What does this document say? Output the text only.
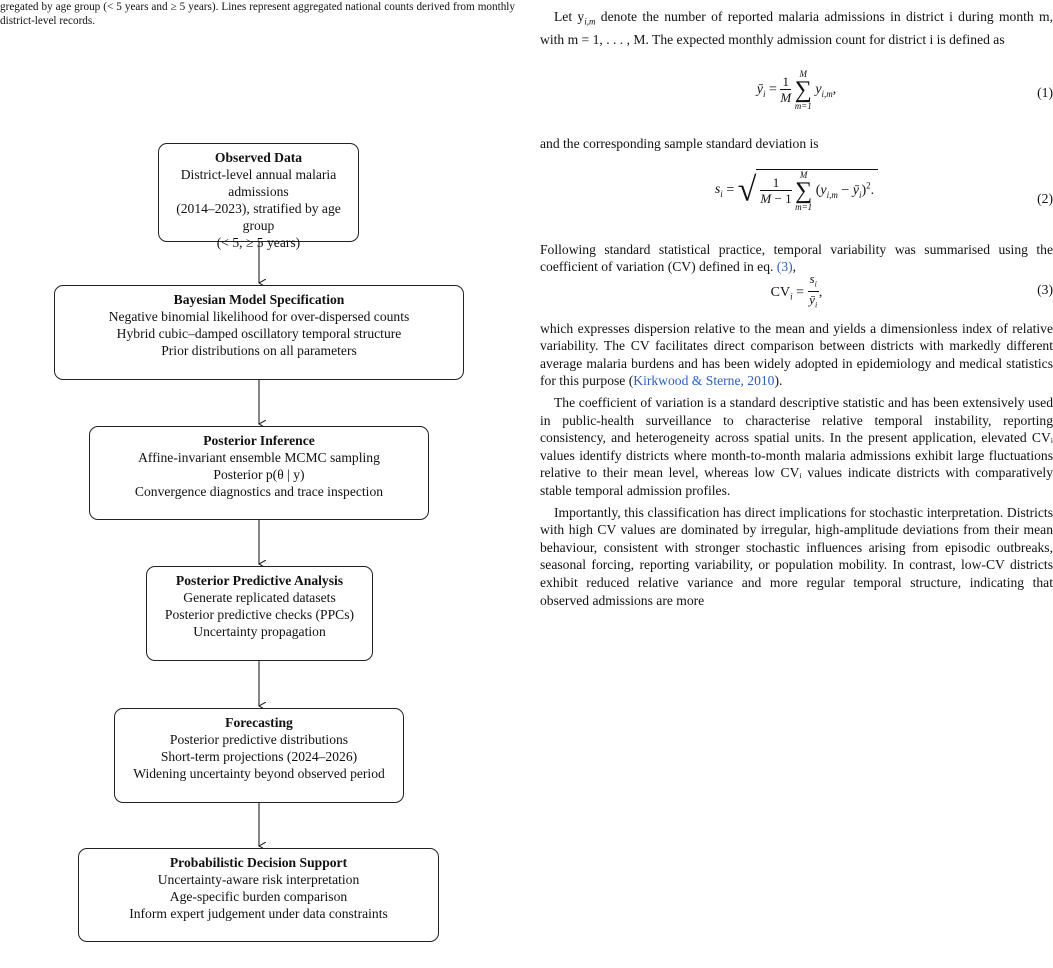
gregated by age group (< 5 years and ≥ 5 years). Lines represent aggregated national counts derived from monthly district-level records.

Observed Data
District-level annual malaria admissions
(2014–2023), stratified by age group
(< 5, ≥ 5 years)
Bayesian Model Specification
Negative binomial likelihood for over-dispersed counts
Hybrid cubic–damped oscillatory temporal structure
Prior distributions on all parameters
Posterior Inference
Affine-invariant ensemble MCMC sampling
Posterior p(θ | y)
Convergence diagnostics and trace inspection
Posterior Predictive Analysis
Generate replicated datasets
Posterior predictive checks (PPCs)
Uncertainty propagation
Forecasting
Posterior predictive distributions
Short-term projections (2024–2026)
Widening uncertainty beyond observed period
Probabilistic Decision Support
Uncertainty-aware risk interpretation
Age-specific burden comparison
Inform expert judgement under data constraints

Let $y_{i,m}$ denote the number of reported malaria admissions in district i during month m, with m = 1, . . . , M. The expected monthly admission count for district i is defined as

$ȳ_i = \frac{1}{M}$

M
∑
m=1
$y_{i,m}$,	(1)

and the corresponding sample standard deviation is

$s_i$ = √ $\frac{1}{M - 1}$

M
∑
m=1
($y_{i,m}$ − $ȳ_i)^2$.
(2)

Following standard statistical practice, temporal variability was summarised using the coefficient of variation (CV) defined in eq. (3),

$CV_i = \frac{s_i}{ȳ_i}$ ,	(3)

which expresses dispersion relative to the mean and yields a dimensionless index of relative variability. The CV facilitates direct comparison between districts with markedly different average malaria burdens and has been widely adopted in epidemiology and medical statistics for this purpose (Kirkwood & Sterne, 2010).

The coefficient of variation is a standard descriptive statistic and has been extensively used in public-health surveillance to characterise relative temporal instability, reporting consistency, and heterogeneity across spatial units. In the present application, elevated CVᵢ values identify districts where month-to-month malaria admissions exhibit large fluctuations relative to their mean level, whereas low CVᵢ values indicate districts with comparatively stable temporal admission profiles.

Importantly, this classification has direct implications for stochastic interpretation. Districts with high CV values are dominated by irregular, high-amplitude deviations from their mean behaviour, consistent with stronger stochastic influences arising from episodic outbreaks, seasonal forcing, reporting variability, or population mobility. In contrast, low-CV districts exhibit reduced relative variance and more regular temporal structure, indicating that observed admissions are more
